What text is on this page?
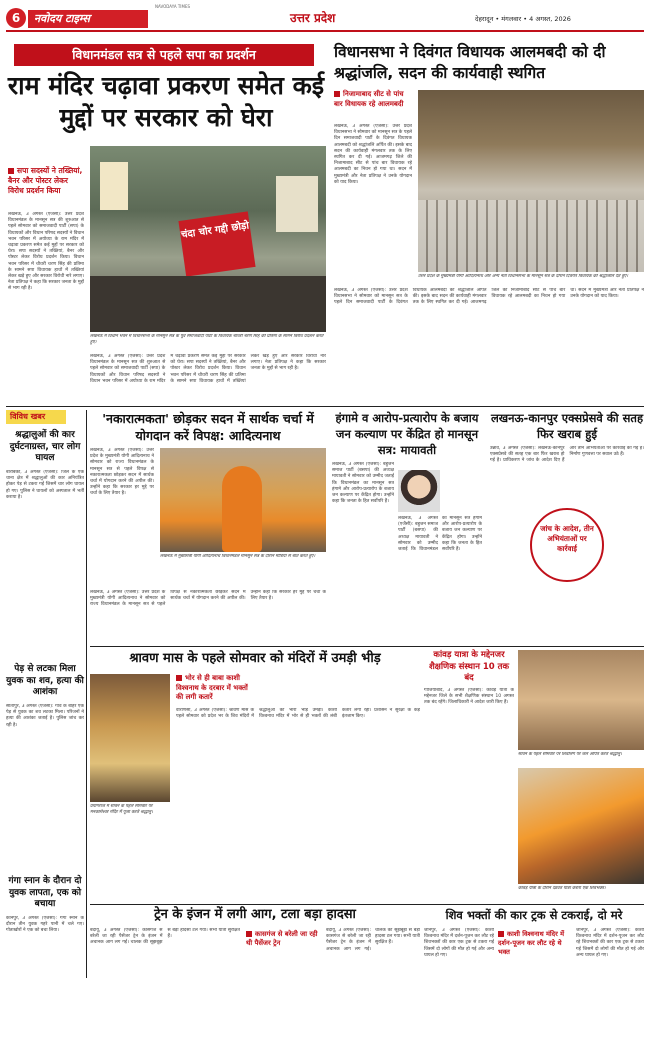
6	नवोदय टाइम्स
NAVODAYA TIMES
उत्तर प्रदेश	देहरादून • मंगलवार • 4 अगस्त, 2026
विधानमंडल सत्र से पहले सपा का प्रदर्शन
राम मंदिर चढ़ावा प्रकरण समेत कई मुद्दों पर सरकार को घेरा
सपा सदस्यों ने तख्तियां, बैनर और पोस्टर लेकर विरोध प्रदर्शन किया
लखनऊ, 3 अगस्त (एजैंसी): उत्तर प्रदेश विधानमंडल के मानसून सत्र की शुरुआत से पहले सोमवार को समाजवादी पार्टी (सपा) के विधायकों और विधान परिषद सदस्यों ने विधान भवन परिसर में अयोध्या के राम मंदिर में चढ़ावा प्रकरण समेत कई मुद्दों पर सरकार को घेरा। सपा सदस्यों ने तख्तियां, बैनर और पोस्टर लेकर विरोध प्रदर्शन किया। विधान भवन परिसर में चौधरी चरण सिंह की प्रतिमा के सामने सपा विधायक हाथों में तख्तियां लेकर खड़े हुए और सरकार विरोधी नारे लगाए। नेता प्रतिपक्ष ने कहा कि सरकार जनता के मुद्दों से भाग रही है।
चंदा चोर गद्दी छोड़ो
लखनऊ में विधान भवन में विधानसभा के मानसून सत्र के पूर्व समाजवादी पार्टी के विधायक चौधरी चरण सिंह की प्रतिमा के सामने विरोध प्रदर्शन करते हुए।
लखनऊ, 3 अगस्त (एजैंसी): उत्तर प्रदेश विधानमंडल के मानसून सत्र की शुरुआत से पहले सोमवार को समाजवादी पार्टी (सपा) के विधायकों और विधान परिषद सदस्यों ने विधान भवन परिसर में अयोध्या के राम मंदिर में चढ़ावा प्रकरण समेत कई मुद्दों पर सरकार को घेरा। सपा सदस्यों ने तख्तियां, बैनर और पोस्टर लेकर विरोध प्रदर्शन किया। विधान भवन परिसर में चौधरी चरण सिंह की प्रतिमा के सामने सपा विधायक हाथों में तख्तियां लेकर खड़े हुए और सरकार विरोधी नारे लगाए। नेता प्रतिपक्ष ने कहा कि सरकार जनता के मुद्दों से भाग रही है।
विधानसभा ने दिवंगत विधायक आलमबदी को दी श्रद्धांजलि, सदन की कार्यवाही स्थगित
निजामाबाद सीट से पांच बार विधायक रहे आलमबदी
लखनऊ, 3 अगस्त (एजैंसी): उत्तर प्रदेश विधानसभा ने सोमवार को मानसून सत्र के पहले दिन समाजवादी पार्टी के दिवंगत विधायक आलमबदी को श्रद्धांजलि अर्पित की। इसके बाद सदन की कार्यवाही मंगलवार तक के लिए स्थगित कर दी गई। आजमगढ़ जिले की निजामाबाद सीट से पांच बार विधायक रहे आलमबदी का निधन हो गया था। सदन में मुख्यमंत्री और नेता प्रतिपक्ष ने उनके योगदान को याद किया।
उत्तर प्रदेश के मुख्यमंत्री योगी आदित्यनाथ और अन्य नेता विधानसभा के मानसून सत्र के दौरान दिवंगत विधायक को श्रद्धांजलि देते हुए।
लखनऊ, 3 अगस्त (एजैंसी): उत्तर प्रदेश विधानसभा ने सोमवार को मानसून सत्र के पहले दिन समाजवादी पार्टी के दिवंगत विधायक आलमबदी को श्रद्धांजलि अर्पित की। इसके बाद सदन की कार्यवाही मंगलवार तक के लिए स्थगित कर दी गई। आजमगढ़ जिले की निजामाबाद सीट से पांच बार विधायक रहे आलमबदी का निधन हो गया था। सदन में मुख्यमंत्री और नेता प्रतिपक्ष ने उनके योगदान को याद किया।
विविध खबर
श्रद्धालुओं की कार दुर्घटनाग्रस्त, चार लोग घायल
बाराबंकी, 3 अगस्त (एजैंसी): जिले के एक थाना क्षेत्र में श्रद्धालुओं की कार अनियंत्रित होकर पेड़ से टकरा गई जिसमें चार लोग घायल हो गए। पुलिस ने घायलों को अस्पताल में भर्ती कराया है।
पेड़ से लटका मिला युवक का शव, हत्या की आशंका
सीतापुर, 3 अगस्त (एजैंसी): गांव के बाहर एक पेड़ से युवक का शव लटका मिला। परिजनों ने हत्या की आशंका जताई है। पुलिस जांच कर रही है।
गंगा स्नान के दौरान दो युवक लापता, एक को बचाया
कानपुर, 3 अगस्त (एजैंसी): गंगा स्नान के दौरान तीन युवक गहरे पानी में चले गए। गोताखोरों ने एक को बचा लिया।
'नकारात्मकता' छोड़कर सदन में सार्थक चर्चा में योगदान करें विपक्ष: आदित्यनाथ
लखनऊ, 3 अगस्त (एजैंसी): उत्तर प्रदेश के मुख्यमंत्री योगी आदित्यनाथ ने सोमवार को राज्य विधानमंडल के मानसून सत्र से पहले विपक्ष से नकारात्मकता छोड़कर सदन में सार्थक चर्चा में योगदान करने की अपील की। उन्होंने कहा कि सरकार हर मुद्दे पर चर्चा के लिए तैयार है।
लखनऊ में मुख्यमंत्री योगी आदित्यनाथ विधानमंडल मानसून सत्र के दौरान मीडिया से बात करते हुए।
लखनऊ, 3 अगस्त (एजैंसी): उत्तर प्रदेश के मुख्यमंत्री योगी आदित्यनाथ ने सोमवार को राज्य विधानमंडल के मानसून सत्र से पहले विपक्ष से नकारात्मकता छोड़कर सदन में सार्थक चर्चा में योगदान करने की अपील की। उन्होंने कहा कि सरकार हर मुद्दे पर चर्चा के लिए तैयार है।
हंगामे व आरोप-प्रत्यारोप के बजाय जन कल्याण पर केंद्रित हो मानसून सत्र: मायावती
लखनऊ, 3 अगस्त (एजैंसी): बहुजन समाज पार्टी (बसपा) की अध्यक्ष मायावती ने सोमवार को उम्मीद जताई कि विधानमंडल का मानसून सत्र हंगामे और आरोप-प्रत्यारोप के बजाय जन कल्याण पर केंद्रित होगा। उन्होंने कहा कि जनता के हित सर्वोपरि हैं।
लखनऊ, 3 अगस्त (एजैंसी): बहुजन समाज पार्टी (बसपा) की अध्यक्ष मायावती ने सोमवार को उम्मीद जताई कि विधानमंडल का मानसून सत्र हंगामे और आरोप-प्रत्यारोप के बजाय जन कल्याण पर केंद्रित होगा। उन्होंने कहा कि जनता के हित सर्वोपरि हैं।
लखनऊ-कानपुर एक्सप्रेसवे की सतह फिर खराब हुई
उन्नाव, 3 अगस्त (एजैंसी): लखनऊ-कानपुर एक्सप्रेसवे की सतह एक बार फिर खराब हो गई है। प्राधिकरण ने जांच के आदेश दिए हैं और तीन अभियंताओं पर कार्रवाई की गई है। निर्माण गुणवत्ता पर सवाल उठे हैं।
जांच के आदेश, तीन अभियंताओं पर कार्रवाई
श्रावण मास के पहले सोमवार को मंदिरों में उमड़ी भीड़
प्रयागराज में सावन के पहले सोमवार पर मनकामेश्वर मंदिर में पूजा करते श्रद्धालु।
भोर से ही बाबा काशी विश्वनाथ के दरबार में भक्तों की लगी कतारें
वाराणसी, 3 अगस्त (एजैंसी): श्रावण मास के पहले सोमवार को प्रदेश भर के शिव मंदिरों में श्रद्धालुओं की भारी भीड़ उमड़ी। काशी विश्वनाथ मंदिर में भोर से ही भक्तों की लंबी कतारें लगी रहीं। प्रशासन ने सुरक्षा के कड़े इंतजाम किए।
कांवड़ यात्रा के मद्देनजर शैक्षणिक संस्थान 10 तक बंद
गाजियाबाद, 3 अगस्त (एजैंसी): कांवड़ यात्रा के मद्देनजर जिले के सभी शैक्षणिक संस्थान 10 अगस्त तक बंद रहेंगे। जिलाधिकारी ने आदेश जारी किए हैं।
सावन के पहले सोमवार पर शिवलिंग पर जल अर्पित करते श्रद्धालु।
कांवड़ यात्रा के दौरान दंडवत यात्रा करता एक शिवभक्त।
ट्रेन के इंजन में लगी आग, टला बड़ा हादसा
बदायूं, 3 अगस्त (एजैंसी): कासगंज से बरेली जा रही पैसेंजर ट्रेन के इंजन में अचानक आग लग गई। चालक की सूझबूझ से बड़ा हादसा टल गया। सभी यात्री सुरक्षित हैं।	कासगंज से बरेली जा रही थी पैसेंजर ट्रेन
बदायूं, 3 अगस्त (एजैंसी): कासगंज से बरेली जा रही पैसेंजर ट्रेन के इंजन में अचानक आग लग गई। चालक की सूझबूझ से बड़ा हादसा टल गया। सभी यात्री सुरक्षित हैं।
शिव भक्तों की कार ट्रक से टकराई, दो मरे
जौनपुर, 3 अगस्त (एजैंसी): काशी विश्वनाथ मंदिर में दर्शन-पूजन कर लौट रहे शिवभक्तों की कार एक ट्रक से टकरा गई जिसमें दो लोगों की मौत हो गई और अन्य घायल हो गए।
काशी विश्वनाथ मंदिर में दर्शन-पूजन कर लौट रहे थे भक्त
जौनपुर, 3 अगस्त (एजैंसी): काशी विश्वनाथ मंदिर में दर्शन-पूजन कर लौट रहे शिवभक्तों की कार एक ट्रक से टकरा गई जिसमें दो लोगों की मौत हो गई और अन्य घायल हो गए।
